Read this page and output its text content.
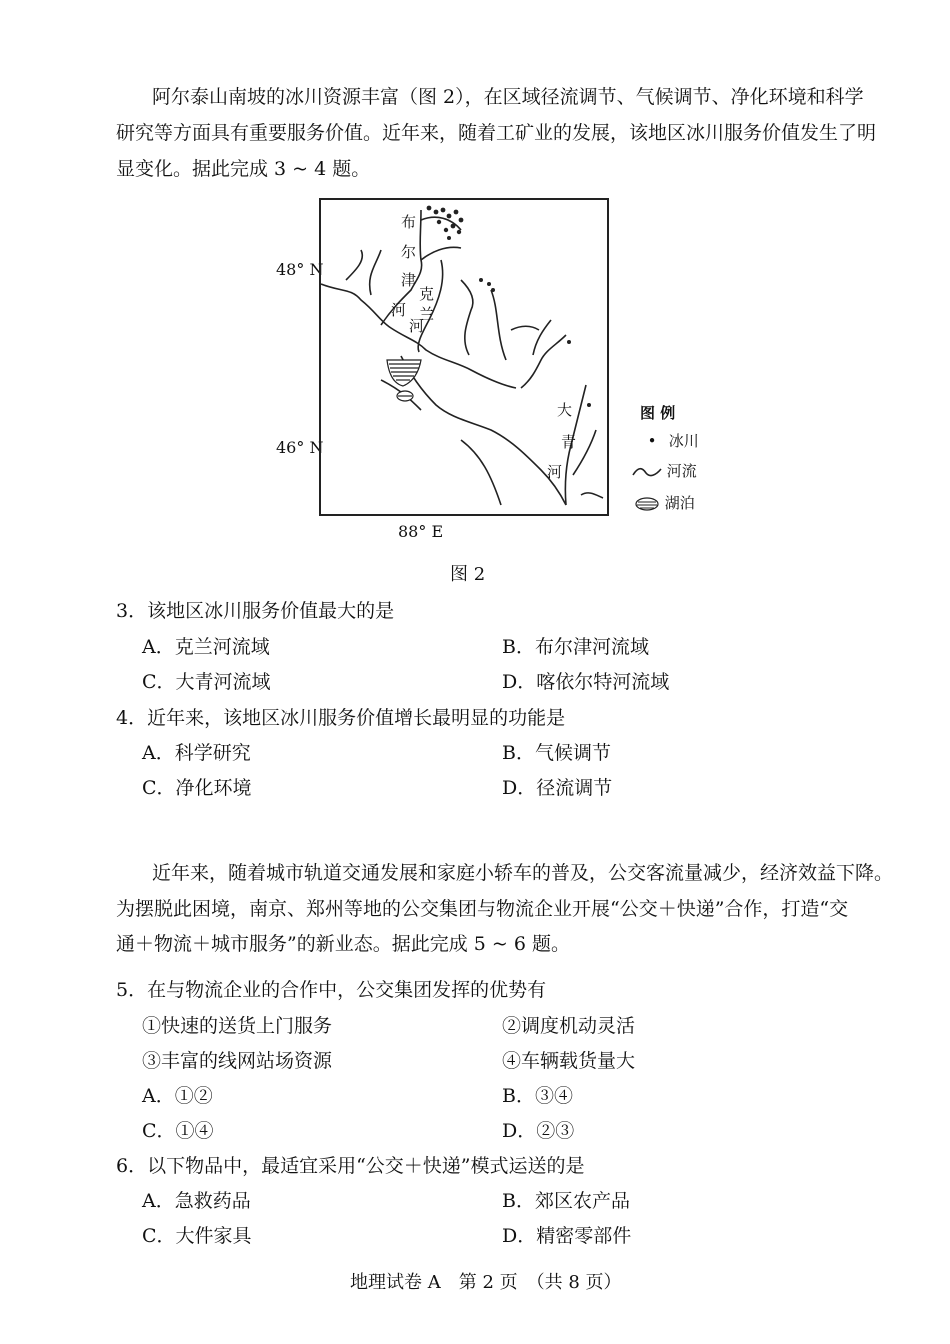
阿尔泰山南坡的冰川资源丰富（图 2），在区域径流调节、气候调节、净化环境和科学
研究等方面具有重要服务价值。近年来，随着工矿业的发展，该地区冰川服务价值发生了明
显变化。据此完成 3 ~ 4 题。
48° N
46° N
88° E
布
尔
津
河
克
兰
河
大
青
河
图 例
• 冰川
河流
湖泊
图 2
3．该地区冰川服务价值最大的是
A．克兰河流域	B．布尔津河流域
C．大青河流域	D．喀依尔特河流域
4．近年来，该地区冰川服务价值增长最明显的功能是
A．科学研究	B．气候调节
C．净化环境	D．径流调节
近年来，随着城市轨道交通发展和家庭小轿车的普及，公交客流量减少，经济效益下降。
为摆脱此困境，南京、郑州等地的公交集团与物流企业开展“公交＋快递”合作，打造“交
通＋物流＋城市服务”的新业态。据此完成 5 ~ 6 题。
5．在与物流企业的合作中，公交集团发挥的优势有
①快速的送货上门服务	②调度机动灵活
③丰富的线网站场资源	④车辆载货量大
A．①②	B．③④
C．①④	D．②③
6．以下物品中，最适宜采用“公交＋快递”模式运送的是
A．急救药品	B．郊区农产品
C．大件家具	D．精密零部件
地理试卷 A　第 2 页　（共 8 页）
